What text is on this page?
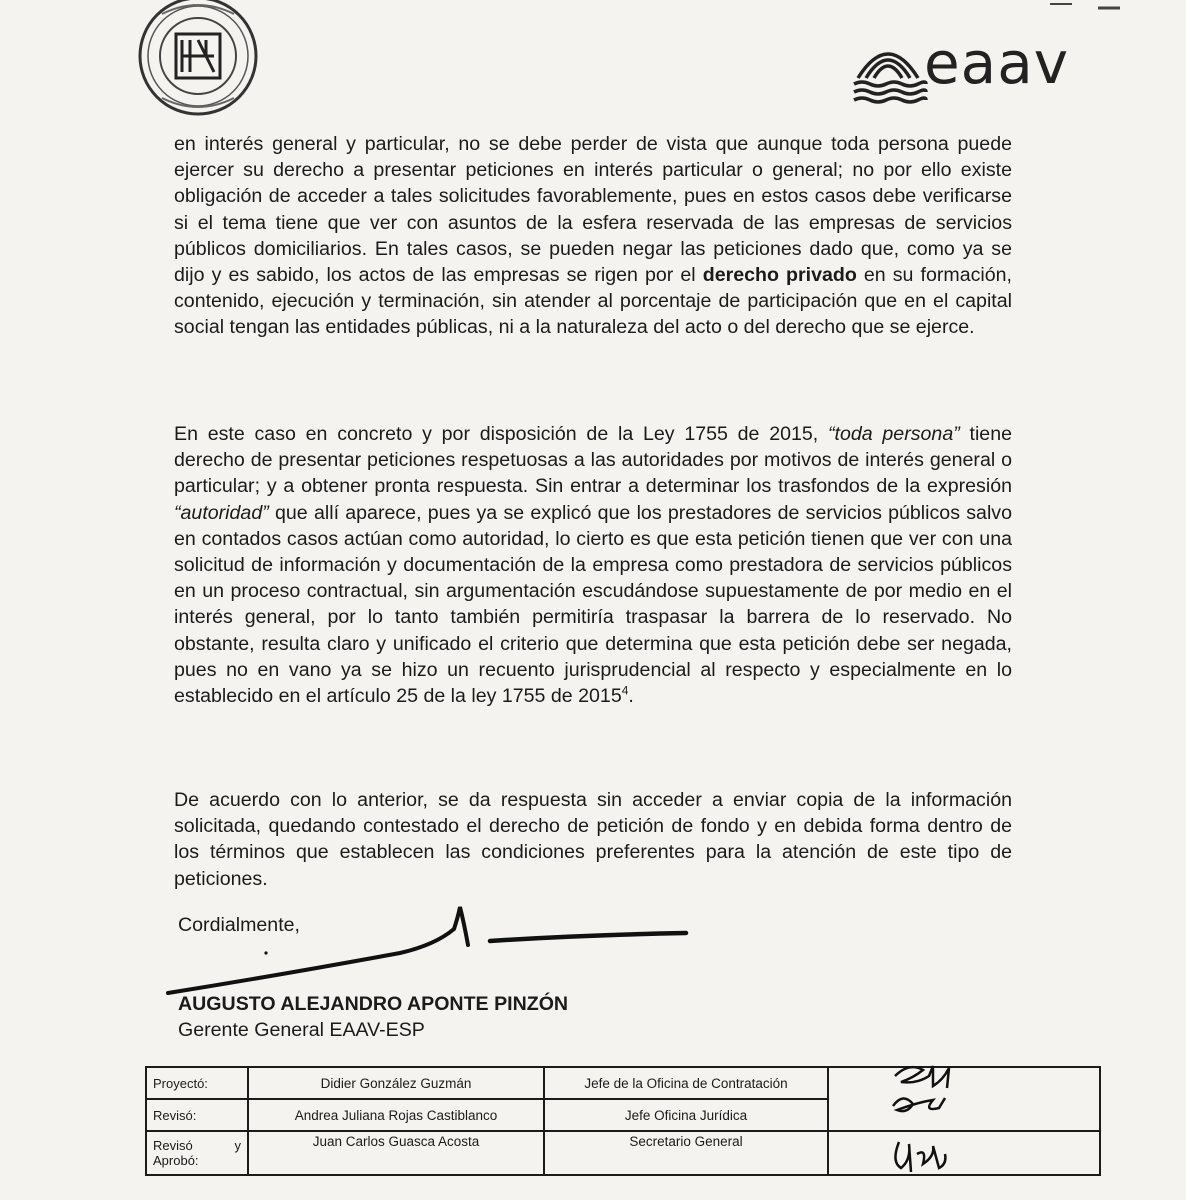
eaav

en interés general y particular, no se debe perder de vista que aunque toda persona puede ejercer su derecho a presentar peticiones en interés particular o general; no por ello existe obligación de acceder a tales solicitudes favorablemente, pues en estos casos debe verificarse si el tema tiene que ver con asuntos de la esfera reservada de las empresas de servicios públicos domiciliarios. En tales casos, se pueden negar las peticiones dado que, como ya se dijo y es sabido, los actos de las empresas se rigen por el derecho privado en su formación, contenido, ejecución y terminación, sin atender al porcentaje de participación que en el capital social tengan las entidades públicas, ni a la naturaleza del acto o del derecho que se ejerce.

En este caso en concreto y por disposición de la Ley 1755 de 2015, “toda persona” tiene derecho de presentar peticiones respetuosas a las autoridades por motivos de interés general o particular; y a obtener pronta respuesta. Sin entrar a determinar los trasfondos de la expresión “autoridad” que allí aparece, pues ya se explicó que los prestadores de servicios públicos salvo en contados casos actúan como autoridad, lo cierto es que esta petición tienen que ver con una solicitud de información y documentación de la empresa como prestadora de servicios públicos en un proceso contractual, sin argumentación escudándose supuestamente de por medio en el interés general, por lo tanto también permitiría traspasar la barrera de lo reservado. No obstante, resulta claro y unificado el criterio que determina que esta petición debe ser negada, pues no en vano ya se hizo un recuento jurisprudencial al respecto y especialmente en lo establecido en el artículo 25 de la ley 1755 de 2015$^4$.

De acuerdo con lo anterior, se da respuesta sin acceder a enviar copia de la información solicitada, quedando contestado el derecho de petición de fondo y en debida forma dentro de los términos que establecen las condiciones preferentes para la atención de este tipo de peticiones.

Cordialmente,
AUGUSTO ALEJANDRO APONTE PINZÓN
Gerente General EAAV-ESP
Proyectó:	Didier González Guzmán	Jefe de la Oficina de Contratación	

Revisó:	Andrea Juliana Rojas Castiblanco	Jefe Oficina Jurídica	

Revisó y
Aprobó:	Juan Carlos Guasca Acosta	Secretario General	
